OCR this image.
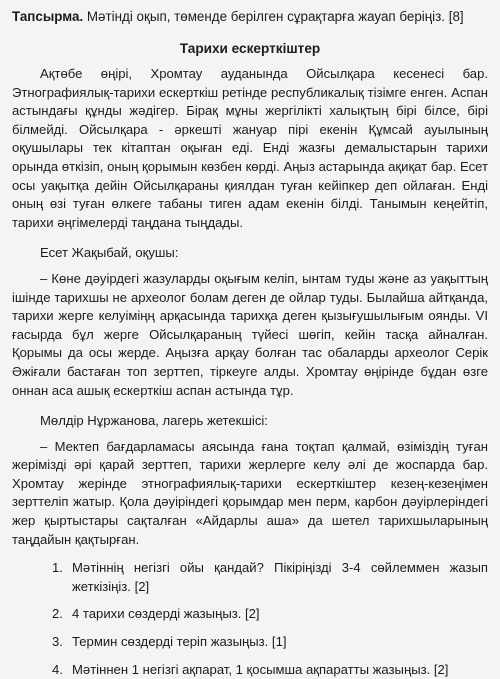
Тапсырма. Мәтінді оқып, төменде берілген сұрақтарға жауап беріңіз. [8]
Тарихи ескерткіштер

Ақтөбе өңірі, Хромтау ауданында Ойсылқара кесенесі бар. Этнографиялық-тарихи ескерткіш ретінде республикалық тізімге енген. Аспан астындағы құнды жәдігер. Бірақ мұны жергілікті халықтың бірі білсе, бірі білмейді. Ойсылқара - әркешті жануар пірі екенін Құмсай ауылының оқушылары тек кітаптан оқыған еді. Енді жазғы демалыстарын тарихи орында өткізіп, оның қорымын көзбен көрді. Аңыз астарында ақиқат бар. Есет осы уақытқа дейін Ойсылқараны қиялдан туған кейіпкер деп ойлаған. Енді оның өзі туған өлкеге табаны тиген адам екенін білді. Танымын кеңейтіп, тарихи әңгімелерді таңдана тыңдады.

Есет Жақыбай, оқушы:

– Көне дәуірдегі жазуларды оқығым келіп, ынтам туды және аз уақыттың ішінде тарихшы не археолог болам деген де ойлар туды. Былайша айтқанда, тарихи жерге келуіміңң арқасында тарихқа деген қызығушылығым оянды. VI ғасырда бұл жерге Ойсылқараның түйесі шөгіп, кейін тасқа айналған. Қорымы да осы жерде. Аңызға арқау болған тас обаларды археолог Серік Әжіғали бастаған топ зерттеп, тіркеуге алды. Хромтау өңірінде бұдан өзге оннан аса ашық ескерткіш аспан астында тұр.

Мөлдір Нұржанова, лагерь жетекшісі:

– Мектеп бағдарламасы аясында ғана тоқтап қалмай, өзіміздің туған жерімізді әрі қарай зерттеп, тарихи жерлерге келу әлі де жоспарда бар. Хромтау жерінде этнографиялық-тарихи ескерткіштер кезең-кезеңімен зерттеліп жатыр. Қола дәуіріндегі қорымдар мен перм, карбон дәуірлеріндегі жер қыртыстары сақталған «Айдарлы аша» да шетел тарихшыларының таңдайын қақтырған.

1. Мәтіннің негізгі ойы қандай? Пікіріңізді 3-4 сөйлеммен жазып жеткізіңіз. [2]
2. 4 тарихи сөздерді жазыңыз. [2]
3. Термин сөздерді теріп жазыңыз. [1]
4. Мәтіннен 1 негізгі ақпарат, 1 қосымша ақпаратты жазыңыз. [2]
